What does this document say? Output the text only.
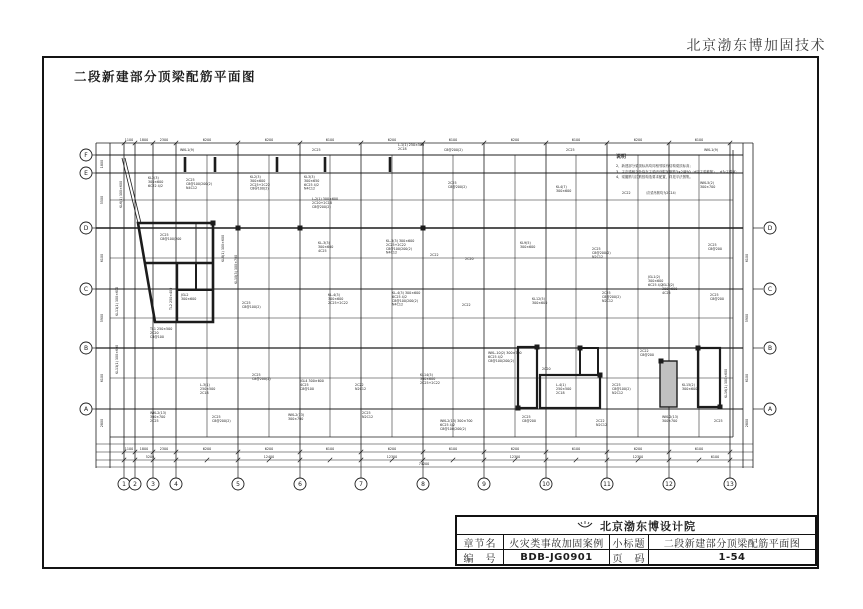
1 2 3	4	5	6	7	8	9	10	11	12	13
F
E
D
C
B
A
D
C
B
A
WKL1(9)	2C25	C8@200(2)	2C25	WKL1(9)
L-1(1) 250×500 2C18
KL2(3) 300×600 6C22 4/2
2C25 C8@100/200(2) N4C12
KL2(3) 300×600 2C25+2C22 C8@100(2)
KL3(3) 300×650 6C25 4/2 N4C12
2C25 C8@200(2)	KL4(7) 300×600
2C22
WKL5(2) 300×700
L-2(1) 300×600 2C20+2C18 C8@200(2)
KL6(1) 300×600
2C25 C8@100/200	KL8(1) 300×600	KL-3(3) 300×600 4C25
KL-3(3) 300×600 2C25+2C22 C8@100/200(2) N4C12
2C22
KL9(5) 300×600
2C25 C8@200(2) N2C12
JGL1(2) 300×600 6C25 4/2
2C25 C8@200
KL10(3) 300×700	2C20
KL11(1) 300×600	JGL2 300×600
2C25 C8@100(2)
KL-4(3) 300×600 2C25+2C22
KL-4(3) 300×600 6C25 4/2 C8@100/200(2) N4C12	2C22
KL12(5) 300×600
2C25 C8@200(2) N2C12
JGL3(2) 300×600 4C25
2C25 C8@200
TL1 250×500 2C20 C8@100
TL2 250×400
KL13(1) 300×600
L-3(1) 250×500 2C18
2C25 C8@200(2)
JGL4 300×600 4C25 C8@100
2C22 N2C12
KL14(5) 300×600 2C25+2C22
WKL-10(2) 300×700 6C25 4/2 C8@100/200(2)
L-4(1) 250×500 2C18
2C25 C8@100(2) N2C12
KL15(2) 300×600	KL16(1) 300×600
2C20
2C22 C8@200
WKL2(13) 300×700 2C25
2C25 C8@200(2)
WKL2(13) 300×700
2C25 N2C12
WKL2(13) 300×700 6C25 4/2 C8@100/200(2)
2C25 C8@200	2C22 N2C12
WKL2(13) 300×700	2C25
1100 1800	2300	6200	6200	6100	6200	6100	6200	6100	6200	6100
5200	12400	12300	12300	12300	6100
74200
1100 1800	2300	6200	6200	6100	6200	6100	6200	6100	6200	6100
1800
5500
6100
5900
6100
2800
6100
5900
6100
2800
北京渤东博加固技术
二段新建部分顶梁配筋平面图
说明
2、新建部分梁顶标高均同相邻原有结构梁顶标高；
3、主次梁相交处均在主梁内设附加箍筋3×2@50（d同主梁箍筋），d为主梁宽；
4、梁腰筋与拉筋按构造要求配置，详见平法图集。
（次梁吊筋均为2C14）
北京渤东博设计院
章节名	火灾类事故加固案例 小标题	二段新建部分顶梁配筋平面图
编　号	BDB-JG0901	页　码	1-54
